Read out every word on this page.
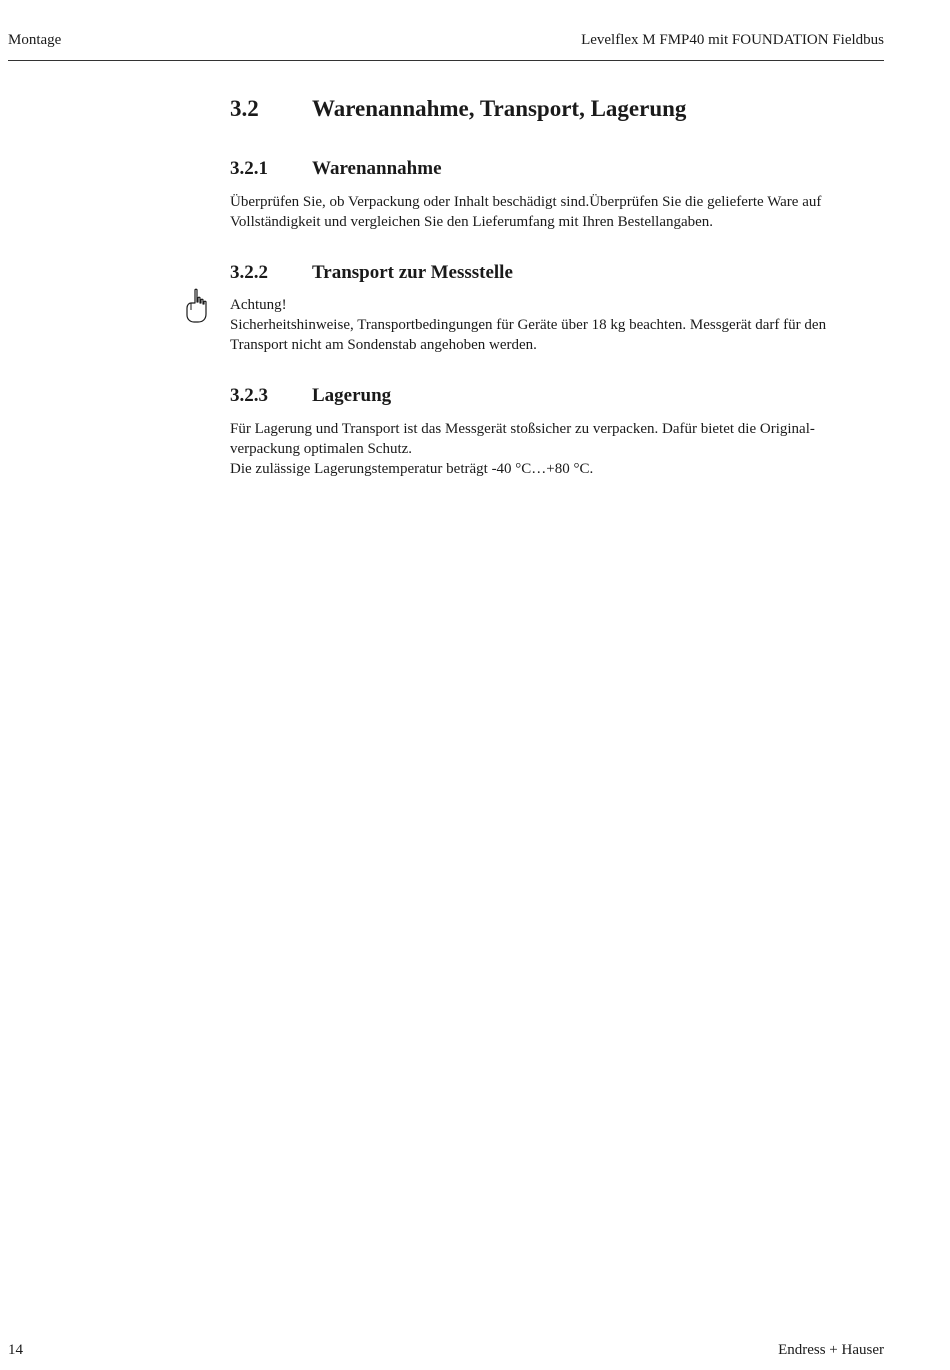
Montage	Levelflex M FMP40 mit FOUNDATION Fieldbus
3.2 Warenannahme, Transport, Lagerung
3.2.1 Warenannahme
Überprüfen Sie, ob Verpackung oder Inhalt beschädigt sind.Überprüfen Sie die gelieferte Ware auf
Vollständigkeit und vergleichen Sie den Lieferumfang mit Ihren Bestellangaben.
3.2.2 Transport zur Messstelle
Achtung!
Sicherheitshinweise, Transportbedingungen für Geräte über 18 kg beachten. Messgerät darf für den
Transport nicht am Sondenstab angehoben werden.
3.2.3 Lagerung
Für Lagerung und Transport ist das Messgerät stoßsicher zu verpacken. Dafür bietet die Original-
verpackung optimalen Schutz.
Die zulässige Lagerungstemperatur beträgt -40 °C…+80 °C.
14	Endress + Hauser
